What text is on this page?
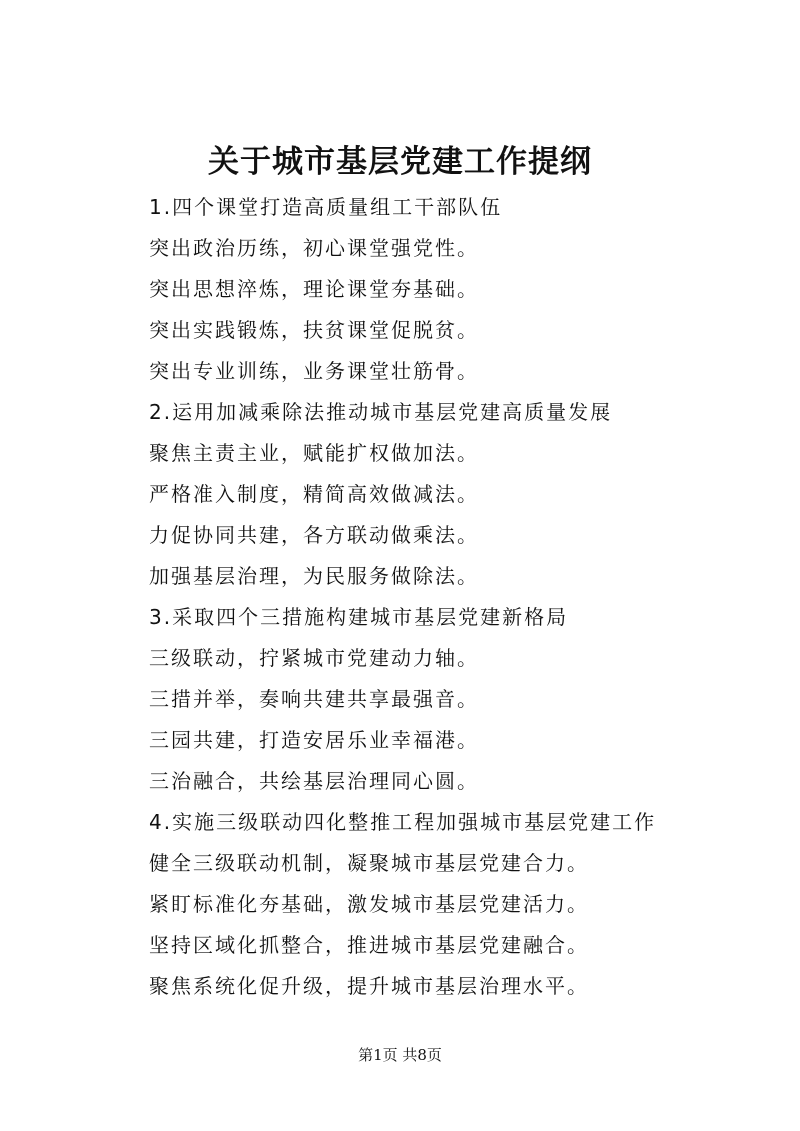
关于城市基层党建工作提纲
1.四个课堂打造高质量组工干部队伍
突出政治历练，初心课堂强党性。
突出思想淬炼，理论课堂夯基础。
突出实践锻炼，扶贫课堂促脱贫。
突出专业训练，业务课堂壮筋骨。
2.运用加减乘除法推动城市基层党建高质量发展
聚焦主责主业，赋能扩权做加法。
严格准入制度，精简高效做减法。
力促协同共建，各方联动做乘法。
加强基层治理，为民服务做除法。
3.采取四个三措施构建城市基层党建新格局
三级联动，拧紧城市党建动力轴。
三措并举，奏响共建共享最强音。
三园共建，打造安居乐业幸福港。
三治融合，共绘基层治理同心圆。
4.实施三级联动四化整推工程加强城市基层党建工作
健全三级联动机制，凝聚城市基层党建合力。
紧盯标准化夯基础，激发城市基层党建活力。
坚持区域化抓整合，推进城市基层党建融合。
聚焦系统化促升级，提升城市基层治理水平。
第1页 共8页
